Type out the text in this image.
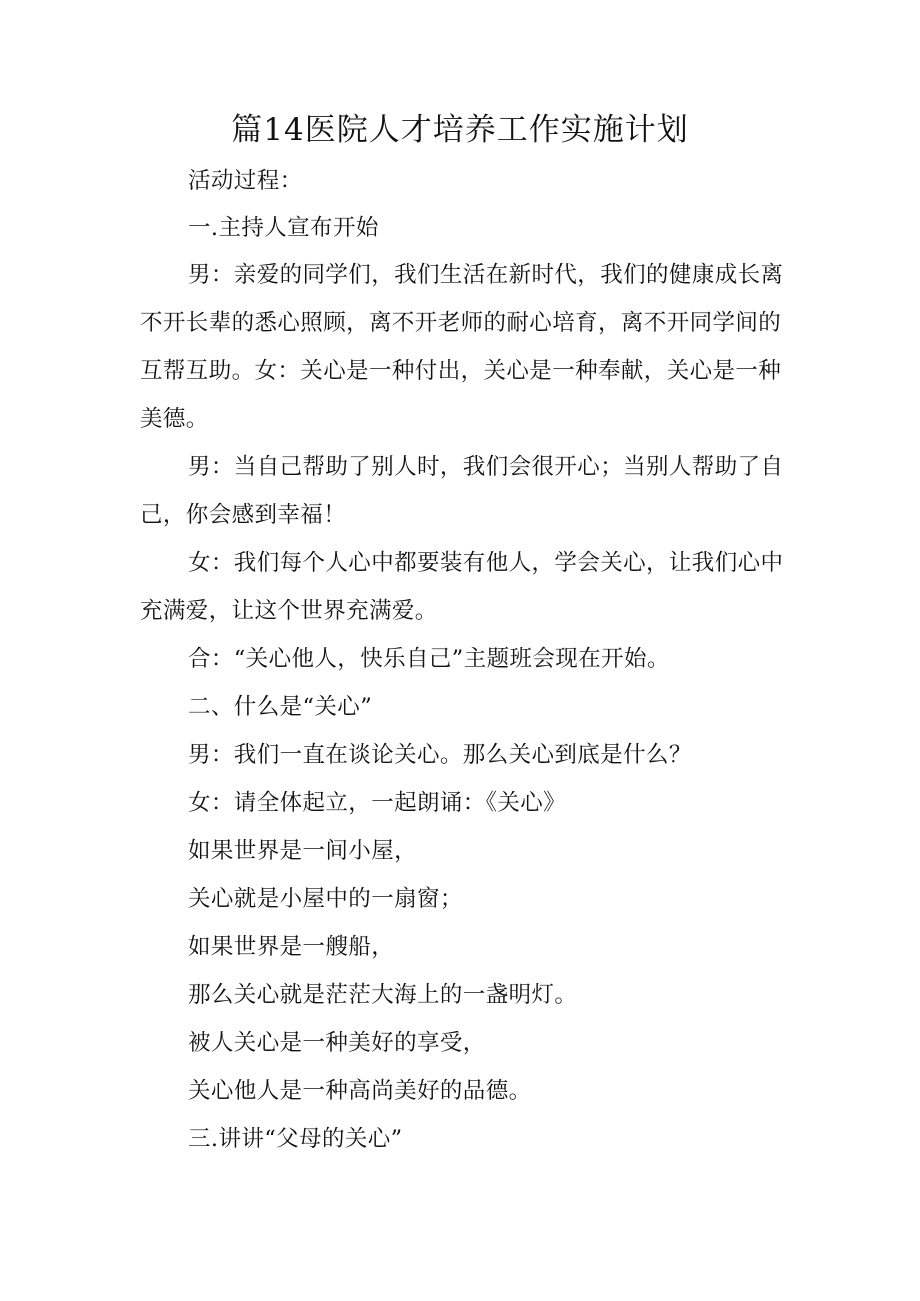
篇14医院人才培养工作实施计划
活动过程：
一.主持人宣布开始
男：亲爱的同学们，我们生活在新时代，我们的健康成长离
不开长辈的悉心照顾，离不开老师的耐心培育，离不开同学间的
互帮互助。女：关心是一种付出，关心是一种奉献，关心是一种
美德。
男：当自己帮助了别人时，我们会很开心；当别人帮助了自
己，你会感到幸福！
女：我们每个人心中都要装有他人，学会关心，让我们心中
充满爱，让这个世界充满爱。
合：“关心他人，快乐自己”主题班会现在开始。
二、什么是“关心”
男：我们一直在谈论关心。那么关心到底是什么？
女：请全体起立，一起朗诵：《关心》
如果世界是一间小屋，
关心就是小屋中的一扇窗；
如果世界是一艘船，
那么关心就是茫茫大海上的一盏明灯。
被人关心是一种美好的享受，
关心他人是一种高尚美好的品德。
三.讲讲“父母的关心”
